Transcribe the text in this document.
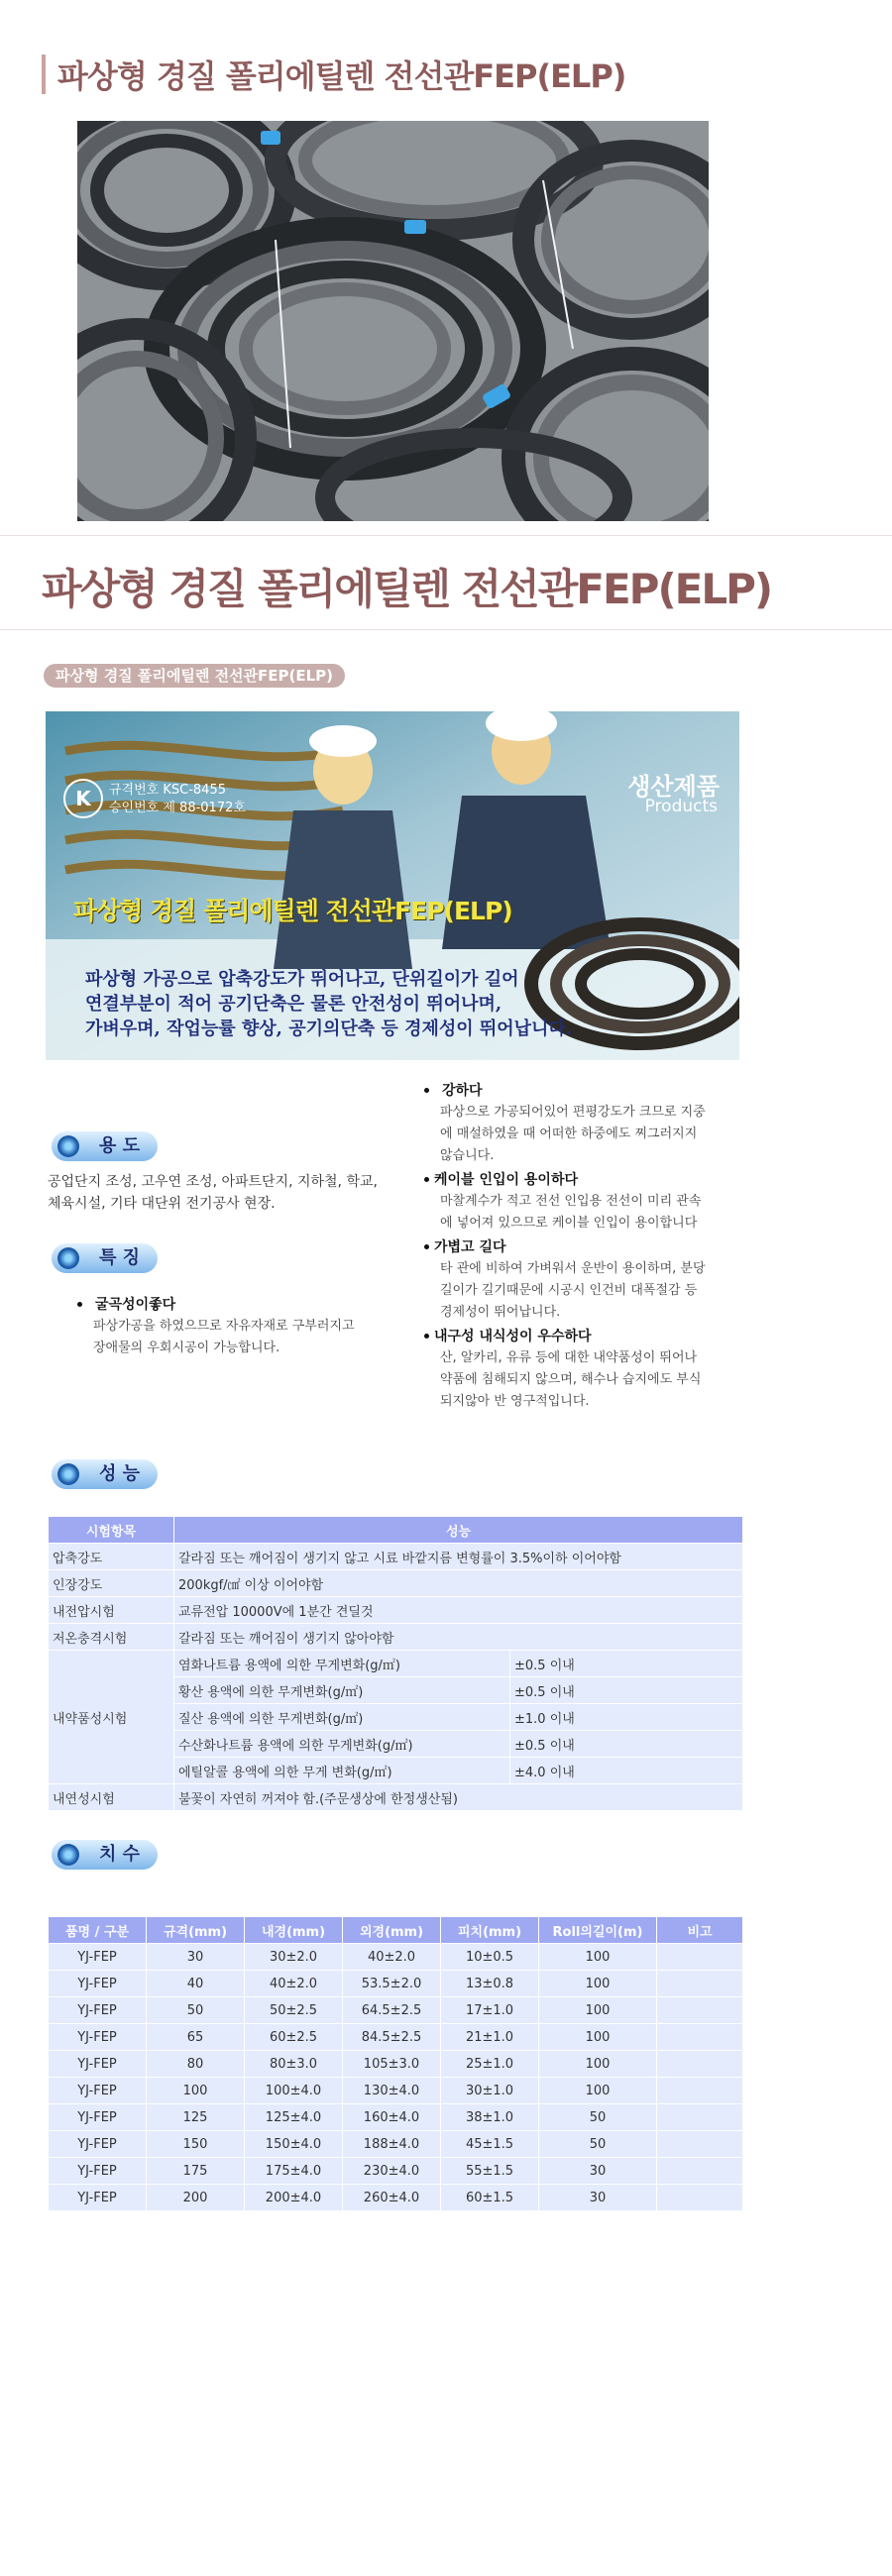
파상형 경질 폴리에틸렌 전선관FEP(ELP)
파상형 경질 폴리에틸렌 전선관FEP(ELP)
파상형 경질 폴리에틸렌 전선관FEP(ELP)
K	규격번호 KSC-8455
승인번호 제 88-0172호
생산제품
Products
파상형 경질 폴리에틸렌 전선관FEP(ELP)
파상형 가공으로 압축강도가 뛰어나고, 단위길이가 길어
연결부분이 적어 공기단축은 물론 안전성이 뛰어나며,
가벼우며, 작업능률 향상, 공기의단축 등 경제성이 뛰어납니다.
강하다
파상으로 가공되어있어 편평강도가 크므로 지중
에 매설하였을 때 어떠한 하중에도 찌그러지지
않습니다.
케이블 인입이 용이하다
마찰계수가 적고 전선 인입용 전선이 미리 관속
에 넣어져 있으므로 케이블 인입이 용이합니다
가볍고 길다
타 관에 비하여 가벼워서 운반이 용이하며, 분당
길이가 길기때문에 시공시 인건비 대폭절감 등
경제성이 뛰어납니다.
내구성 내식성이 우수하다
산, 알카리, 유류 등에 대한 내약품성이 뛰어나
약품에 침해되지 않으며, 해수나 습지에도 부식
되지않아 반 영구적입니다.
용 도
공업단지 조성, 고우연 조성, 아파트단지, 지하철, 학교,
체육시설, 기타 대단위 전기공사 현장.
특 징
굴곡성이좋다
파상가공을 하였으므로 자유자재로 구부러지고
장애물의 우회시공이 가능합니다.
성 능
시험항목	성능	
압축강도	갈라짐 또는 깨어짐이 생기지 않고 시료 바깥지름 변형률이 3.5%이하 이어야함	
인장강도	200kgf/㎠ 이상 이어야함	
내전압시험	교류전압 10000V에 1분간 견딜것	
저온충격시험	갈라짐 또는 깨어짐이 생기지 않아야함	
내약품성시험	염화나트륨 용액에 의한 무게변화(g/㎡)	±0.5 이내
	황산 용액에 의한 무게변화(g/㎡)	±0.5 이내
	질산 용액에 의한 무게변화(g/㎡)	±1.0 이내
	수산화나트륨 용액에 의한 무게변화(g/㎡)	±0.5 이내
	에틸알콜 용액에 의한 무게 변화(g/㎡)	±4.0 이내
내연성시험	불꽃이 자연히 꺼져야 함.(주문생상에 한정생산됨)	
치 수
품명 / 구분	규격(mm)	내경(mm)	외경(mm)	피치(mm)	Roll의길이(m)	비고
YJ-FEP	30	30±2.0	40±2.0	10±0.5	100	
YJ-FEP	40	40±2.0	53.5±2.0	13±0.8	100	
YJ-FEP	50	50±2.5	64.5±2.5	17±1.0	100	
YJ-FEP	65	60±2.5	84.5±2.5	21±1.0	100	
YJ-FEP	80	80±3.0	105±3.0	25±1.0	100	
YJ-FEP	100	100±4.0	130±4.0	30±1.0	100	
YJ-FEP	125	125±4.0	160±4.0	38±1.0	50	
YJ-FEP	150	150±4.0	188±4.0	45±1.5	50	
YJ-FEP	175	175±4.0	230±4.0	55±1.5	30	
YJ-FEP	200	200±4.0	260±4.0	60±1.5	30	
